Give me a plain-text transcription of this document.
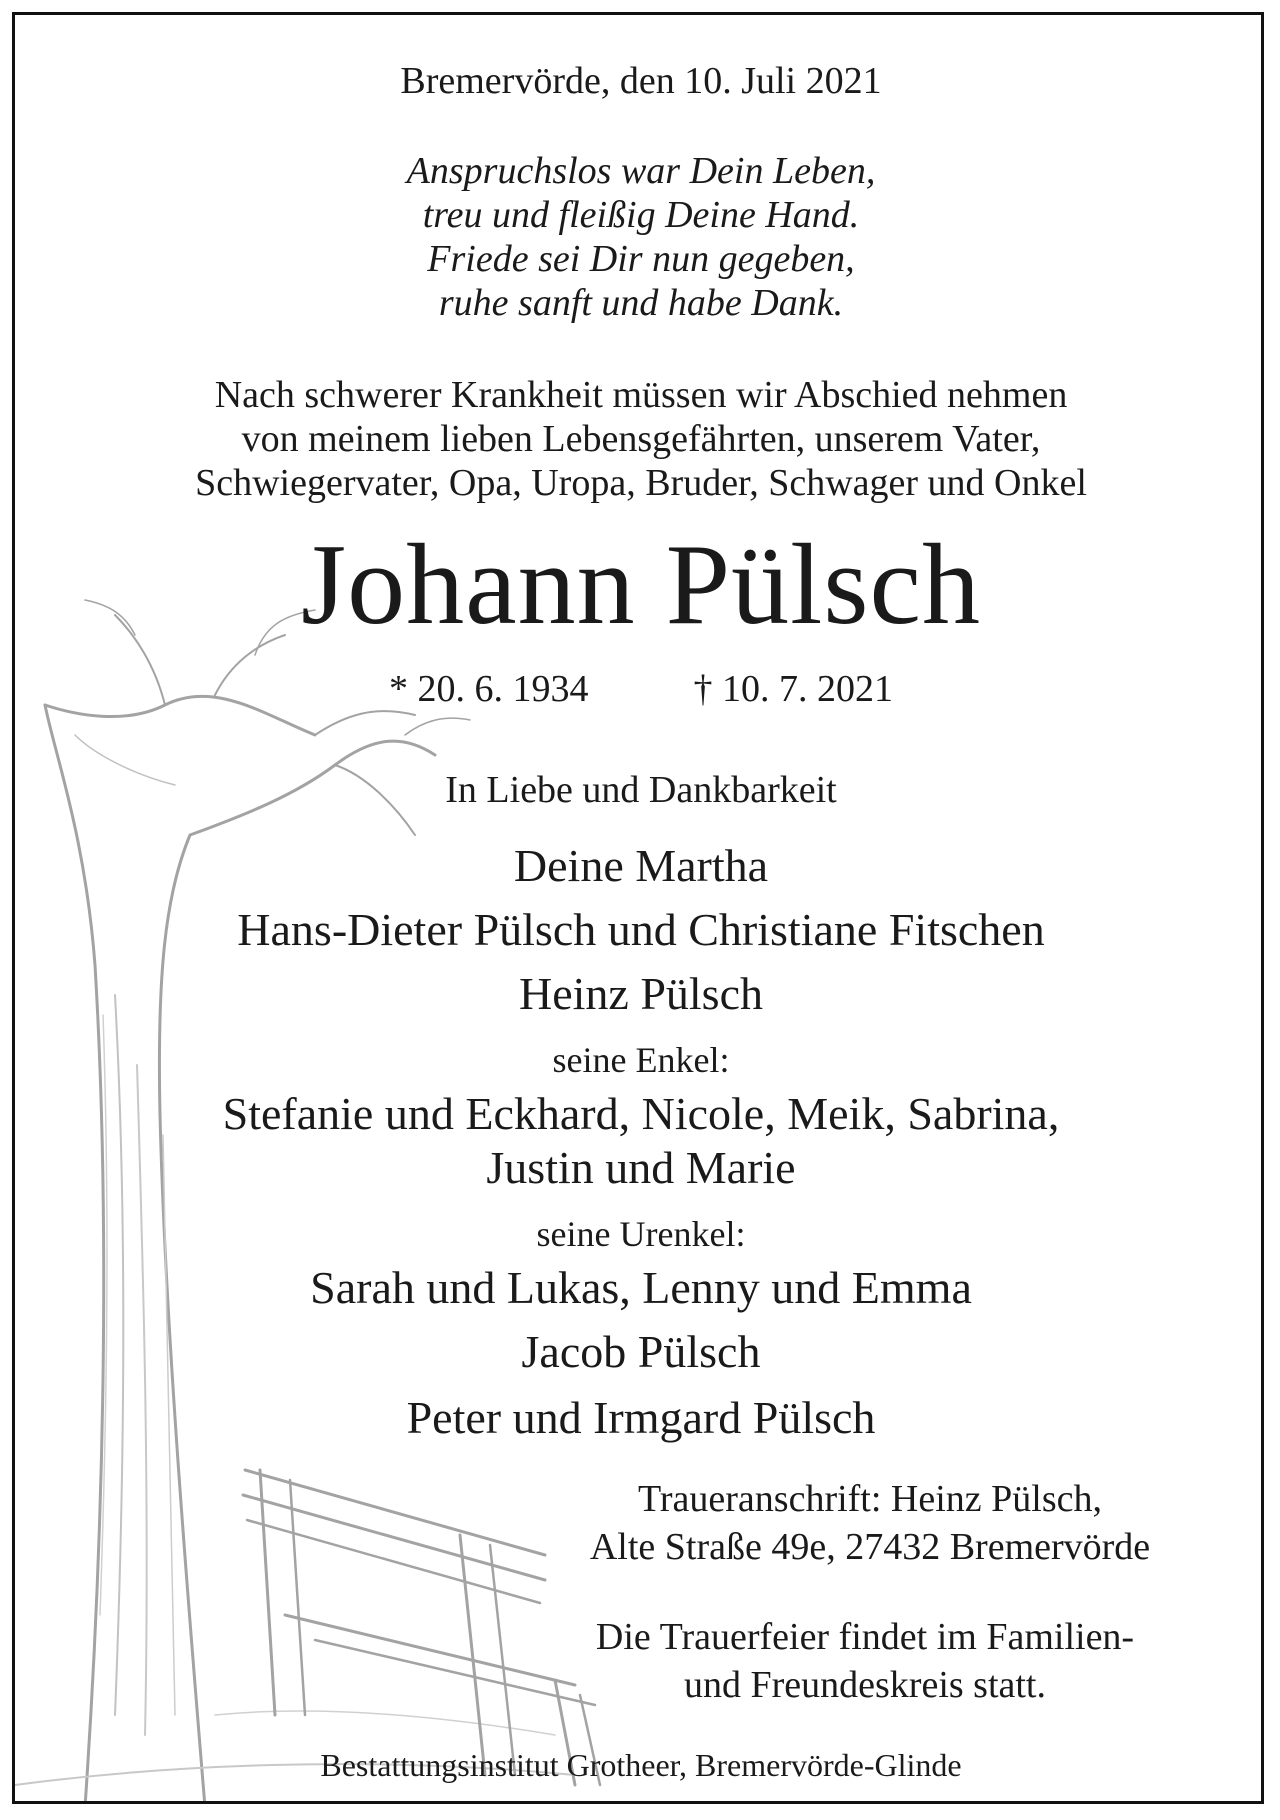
Bremervörde, den 10. Juli 2021
Anspruchslos war Dein Leben,
treu und fleißig Deine Hand.
Friede sei Dir nun gegeben,
ruhe sanft und habe Dank.
Nach schwerer Krankheit müssen wir Abschied nehmen
von meinem lieben Lebensgefährten, unserem Vater,
Schwiegervater, Opa, Uropa, Bruder, Schwager und Onkel
Johann Pülsch
* 20. 6. 1934	† 10. 7. 2021
In Liebe und Dankbarkeit
Deine Martha
Hans-Dieter Pülsch und Christiane Fitschen
Heinz Pülsch
seine Enkel:
Stefanie und Eckhard, Nicole, Meik, Sabrina,
Justin und Marie
seine Urenkel:
Sarah und Lukas, Lenny und Emma
Jacob Pülsch
Peter und Irmgard Pülsch
Traueranschrift: Heinz Pülsch,
Alte Straße 49e, 27432 Bremervörde
Die Trauerfeier findet im Familien-
und Freundeskreis statt.
Bestattungsinstitut Grotheer, Bremervörde-Glinde
